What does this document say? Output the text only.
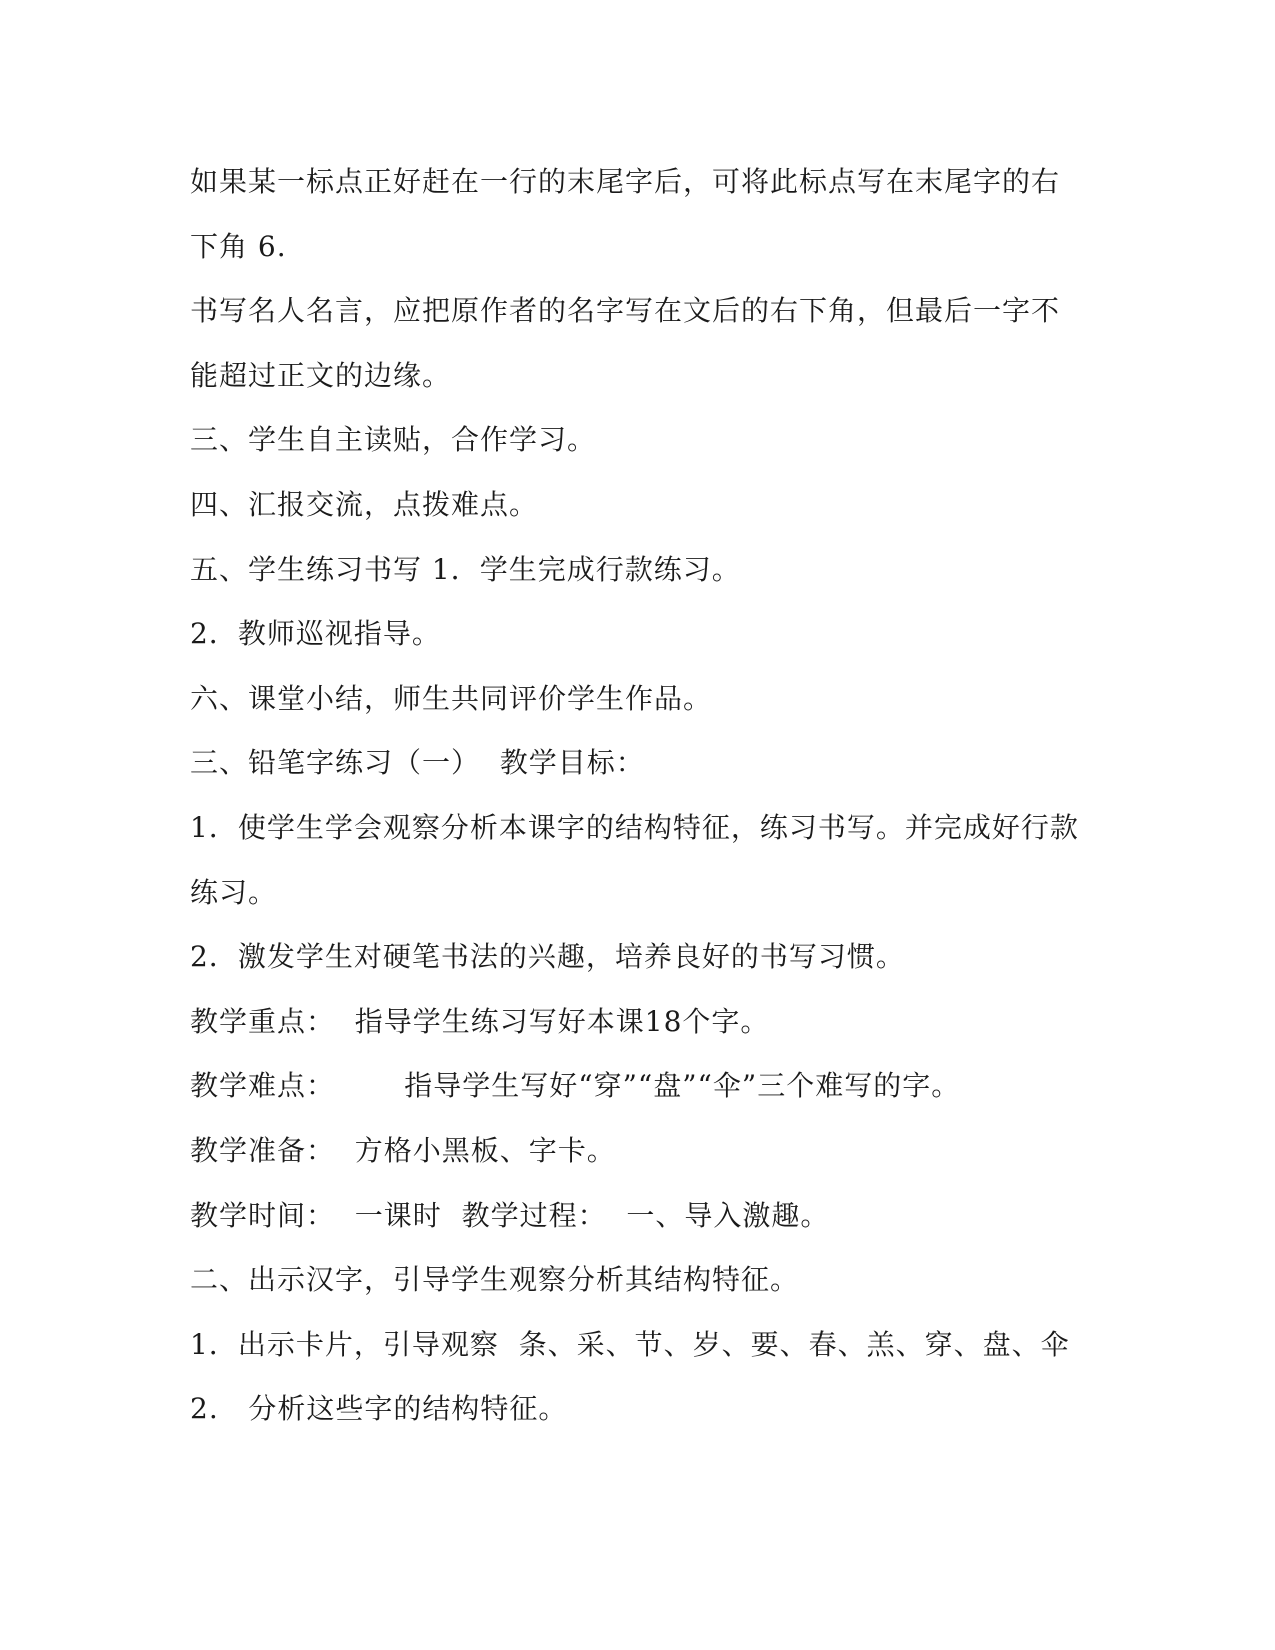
如果某一标点正好赶在一行的末尾字后，可将此标点写在末尾字的右
下角 6.
书写名人名言，应把原作者的名字写在文后的右下角，但最后一字不
能超过正文的边缘。
三、学生自主读贴，合作学习。
四、汇报交流，点拨难点。
五、学生练习书写 1．学生完成行款练习。
2．教师巡视指导。
六、课堂小结，师生共同评价学生作品。
三、铅笔字练习（一）  教学目标：
1．使学生学会观察分析本课字的结构特征，练习书写。并完成好行款
练习。
2．激发学生对硬笔书法的兴趣，培养良好的书写习惯。
教学重点：  指导学生练习写好本课18个字。
教学难点：       指导学生写好“穿”“盘”“伞”三个难写的字。
教学准备：  方格小黑板、字卡。
教学时间：  一课时  教学过程：  一、导入激趣。
二、出示汉字，引导学生观察分析其结构特征。
1．出示卡片，引导观察  条、采、节、岁、要、春、羔、穿、盘、伞
2.   分析这些字的结构特征。
